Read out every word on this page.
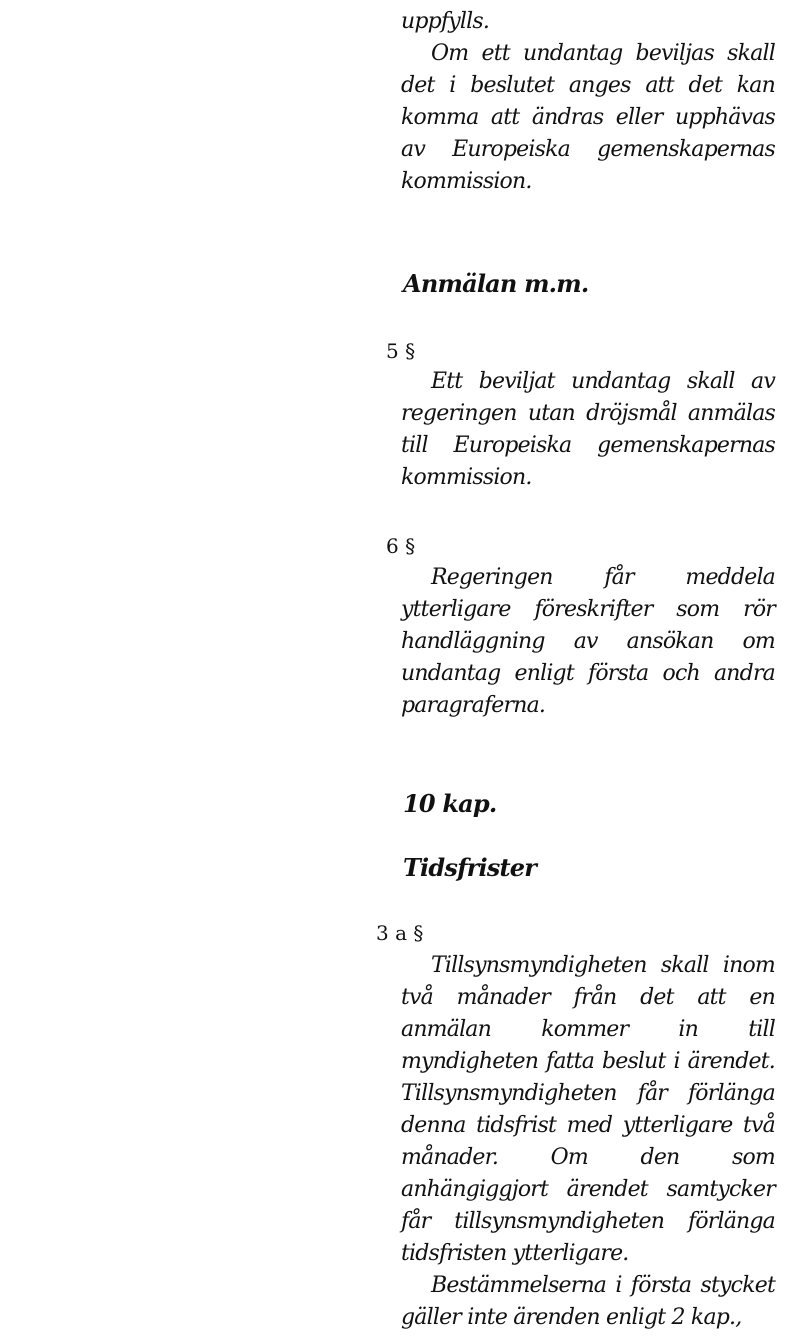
uppfylls.

Om ett undantag beviljas skall det i beslutet anges att det kan komma att ändras eller upphävas av Europeiska gemenskapernas kommission.

Anmälan m.m.
5 §

Ett beviljat undantag skall av regeringen utan dröjsmål anmälas till Europeiska gemenskapernas kommission.

6 §

Regeringen får meddela ytterligare föreskrifter som rör handläggning av ansökan om undantag enligt första och andra paragraferna.

10 kap.
Tidsfrister
3 a §

Tillsynsmyndigheten skall inom två månader från det att en anmälan kommer in till myndigheten fatta beslut i ärendet. Tillsynsmyndigheten får förlänga denna tidsfrist med ytterligare två månader. Om den som anhängiggjort ärendet samtycker får tillsynsmyndigheten förlänga tidsfristen ytterligare.

Bestämmelserna i första stycket gäller inte ärenden enligt 2 kap.,
